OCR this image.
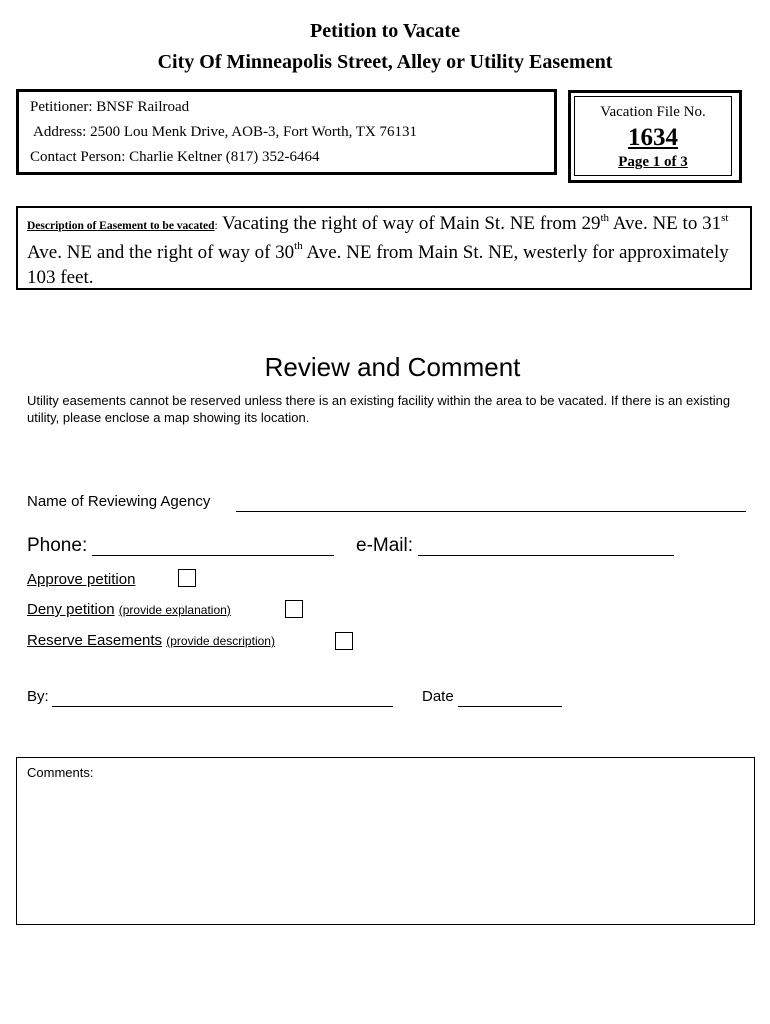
Petition to Vacate
City Of Minneapolis Street, Alley or Utility Easement
Petitioner: BNSF Railroad
Address: 2500 Lou Menk Drive, AOB-3, Fort Worth, TX 76131
Contact Person: Charlie Keltner (817) 352-6464
Vacation File No.
1634
Page 1 of 3
Description of Easement to be vacated: Vacating the right of way of Main St. NE from 29th Ave. NE to 31st Ave. NE and the right of way of 30th Ave. NE from Main St. NE, westerly for approximately 103 feet.
Review and Comment
Utility easements cannot be reserved unless there is an existing facility within the area to be vacated. If there is an existing utility, please enclose a map showing its location.
Name of Reviewing Agency
Phone:	e-Mail:
Approve petition
Deny petition (provide explanation)
Reserve Easements (provide description)
By:	Date
Comments:
